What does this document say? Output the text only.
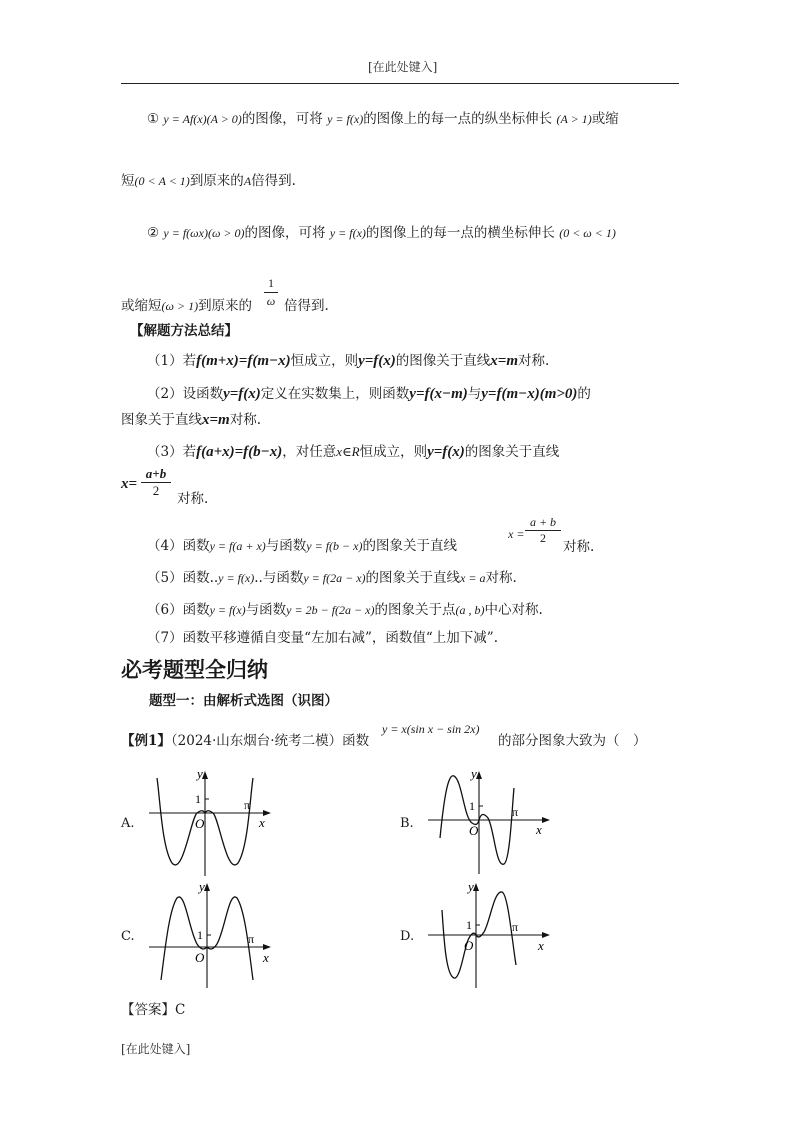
[在此处键入]
① y = Af(x)(A > 0)的图像，可将 y = f(x)的图像上的每一点的纵坐标伸长 (A > 1)或缩
短(0 < A < 1)到原来的A倍得到.
② y = f(ωx)(ω > 0)的图像，可将 y = f(x)的图像上的每一点的横坐标伸长 (0 < ω < 1)
或缩短(ω > 1)到原来的
1
ω 倍得到.
【解题方法总结】
（1）若f(m+x)=f(m−x)恒成立，则y=f(x)的图像关于直线x=m对称.
（2）设函数y=f(x)定义在实数集上，则函数y=f(x−m)与y=f(m−x)(m>0)的
图象关于直线x=m对称.
（3）若f(a+x)=f(b−x)，对任意x∈R恒成立，则y=f(x)的图象关于直线
x=
a+b
2
对称.
（4）函数y = f(a + x)与函数y = f(b − x)的图象关于直线
x =
a + b
2
对称.
（5）函数..y = f(x)..与函数y = f(2a − x)的图象关于直线x = a对称.
（6）函数y = f(x)与函数y = 2b − f(2a − x)的图象关于点(a , b)中心对称.
（7）函数平移遵循自变量“左加右减”，函数值“上加下减”.
必考题型全归纳
题型一：由解析式选图（识图）
【例1】（2024·山东烟台·统考二模）函数
y = x(sin x − sin 2x)
的部分图象大致为（　）
A.
y
1
O
π
x	B.
y
1
O
π
x
C.
y
1
O
π
x
D.
y
1
O
π
x
【答案】C
[在此处键入]
